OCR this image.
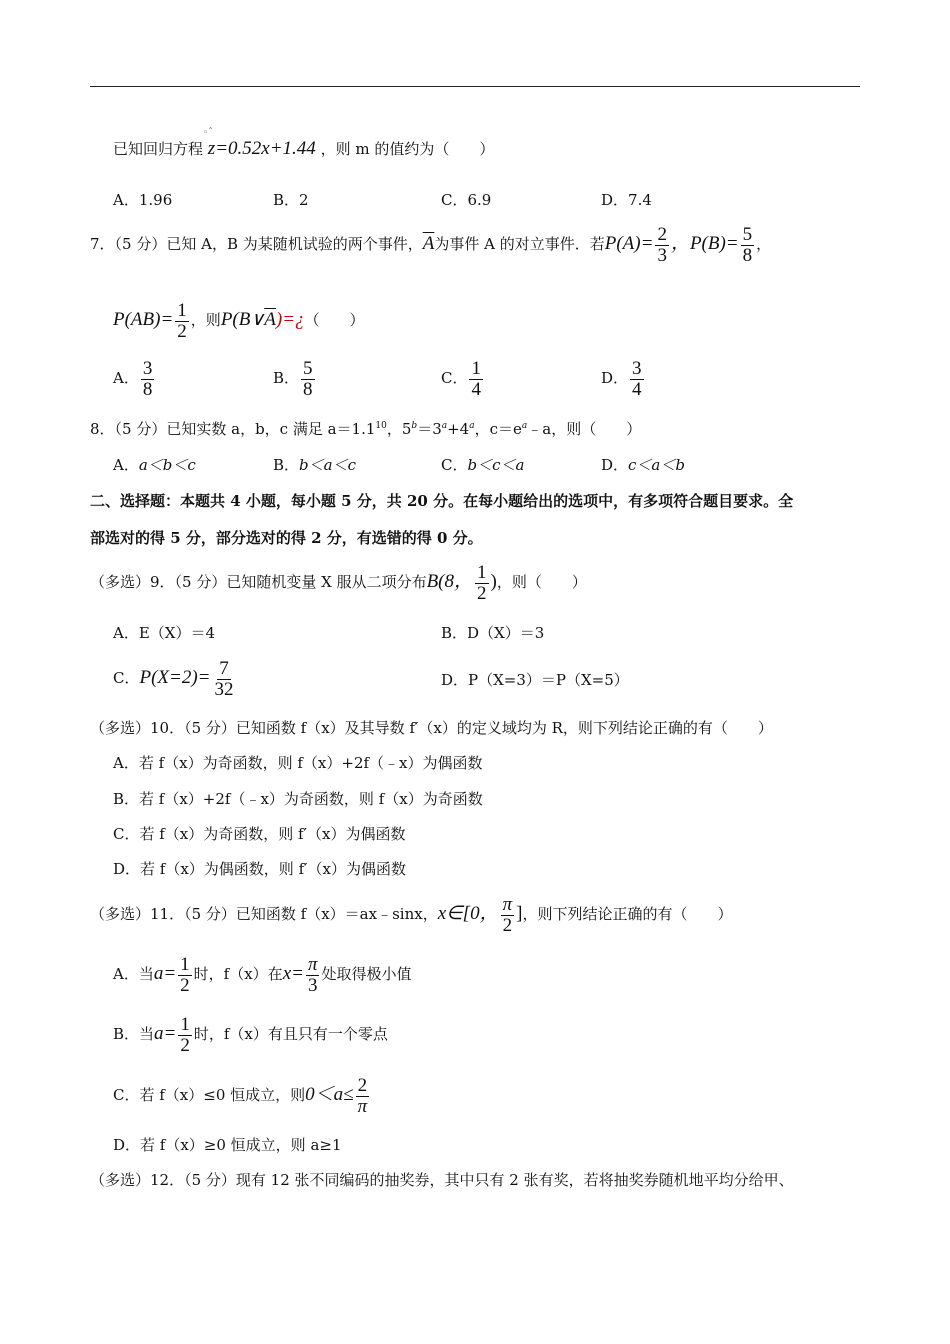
已知回归方程
◦ˆ
z=0.52x+1.44 ，则 m 的值约为（　　）
A．1.96	B．2	C．6.9	D．7.4
7．（5 分）已知 A，B 为某随机试验的两个事件，$\overline{A}$为事件 A 的对立事件．若$P(A)= \frac{2}{3}$ ，$P(B)= \frac{5}{8}$ ，
$P(AB)= \frac{1}{2}$ ，则$P(B\vee\overline{A})=¿$（　　）
A． $\frac{3}{8}$	B． $\frac{5}{8}$	C． $\frac{1}{4}$	D． $\frac{3}{4}$
8．（5 分）已知实数 a，b，c 满足 $a=1.1^{10}$，$5^b=3^a+4^a$，$c=e^a﹣a$，则（　　）
A．a＜b＜c	B．b＜a＜c	C．b＜c＜a	D．c＜a＜b
二、选择题：本题共 4 小题，每小题 5 分，共 20 分。在每小题给出的选项中，有多项符合题目要求。全
部选对的得 5 分，部分选对的得 2 分，有选错的得 0 分。
（多选）9．（5 分）已知随机变量 X 服从二项分布B(8， $\frac{1}{2}$ )，则（　　）
A．E（X）＝4	B．D（X）＝3
C．$P(X=2)= \frac{7}{32}$	D．P（X=3）＝P（X=5）
（多选）10．（5 分）已知函数 f（x）及其导数 f′（x）的定义域均为 R，则下列结论正确的有（　　）
A．若 f（x）为奇函数，则 f（x）+2f（﹣x）为偶函数
B．若 f（x）+2f（﹣x）为奇函数，则 f（x）为奇函数
C．若 f（x）为奇函数，则 f′（x）为偶函数
D．若 f（x）为偶函数，则 f′（x）为偶函数
（多选）11．（5 分）已知函数 f（x）＝ax﹣sinx，x∈[0， $\frac{\pi}{2}$ ]，则下列结论正确的有（　　）
A．当$a= \frac{1}{2}$ 时，f（x）在$x= \frac{\pi}{3}$ 处取得极小值
B．当$a= \frac{1}{2}$ 时，f（x）有且只有一个零点
C．若 f（x）≤0 恒成立，则$0<a\le \frac{2}{\pi}$
D．若 f（x）≥0 恒成立，则 a≥1
（多选）12．（5 分）现有 12 张不同编码的抽奖券，其中只有 2 张有奖，若将抽奖券随机地平均分给甲、
